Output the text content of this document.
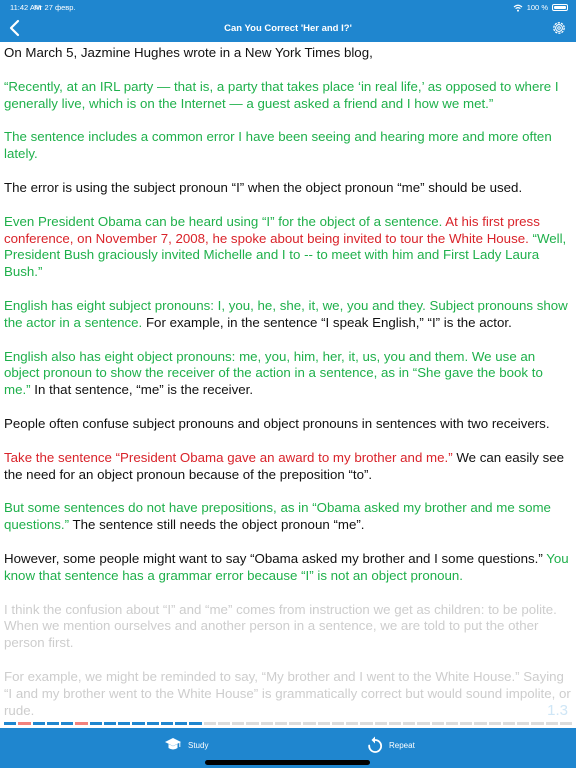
11:42 AM
Чт 27 февр.	100 %
Can You Correct 'Her and I?'

On March 5, Jazmine Hughes wrote in a New York Times blog,

“Recently, at an IRL party — that is, a party that takes place ‘in real life,’ as opposed to where I generally live, which is on the Internet — a guest asked a friend and I how we met.”

The sentence includes a common error I have been seeing and hearing more and more often lately.

The error is using the subject pronoun “I” when the object pronoun “me” should be used.

Even President Obama can be heard using “I” for the object of a sentence. At his first press conference, on November 7, 2008, he spoke about being invited to tour the White House. “Well, President Bush graciously invited Michelle and I to -- to meet with him and First Lady Laura Bush.”

English has eight subject pronouns: I, you, he, she, it, we, you and they. Subject pronouns show the actor in a sentence. For example, in the sentence “I speak English,” “I” is the actor.

English also has eight object pronouns: me, you, him, her, it, us, you and them. We use an object pronoun to show the receiver of the action in a sentence, as in “She gave the book to me.” In that sentence, “me” is the receiver.

People often confuse subject pronouns and object pronouns in sentences with two receivers.

Take the sentence “President Obama gave an award to my brother and me.” We can easily see the need for an object pronoun because of the preposition “to”.

But some sentences do not have prepositions, as in “Obama asked my brother and me some questions.” The sentence still needs the object pronoun “me”.

However, some people might want to say “Obama asked my brother and I some questions.” You know that sentence has a grammar error because “I” is not an object pronoun.

I think the confusion about “I” and “me” comes from instruction we get as children: to be polite. When we mention ourselves and another person in a sentence, we are told to put the other person first.

For example, we might be reminded to say, “My brother and I went to the White House.” Saying “I and my brother went to the White House” is grammatically correct but would sound impolite, or rude.	1.3
Study	Repeat
